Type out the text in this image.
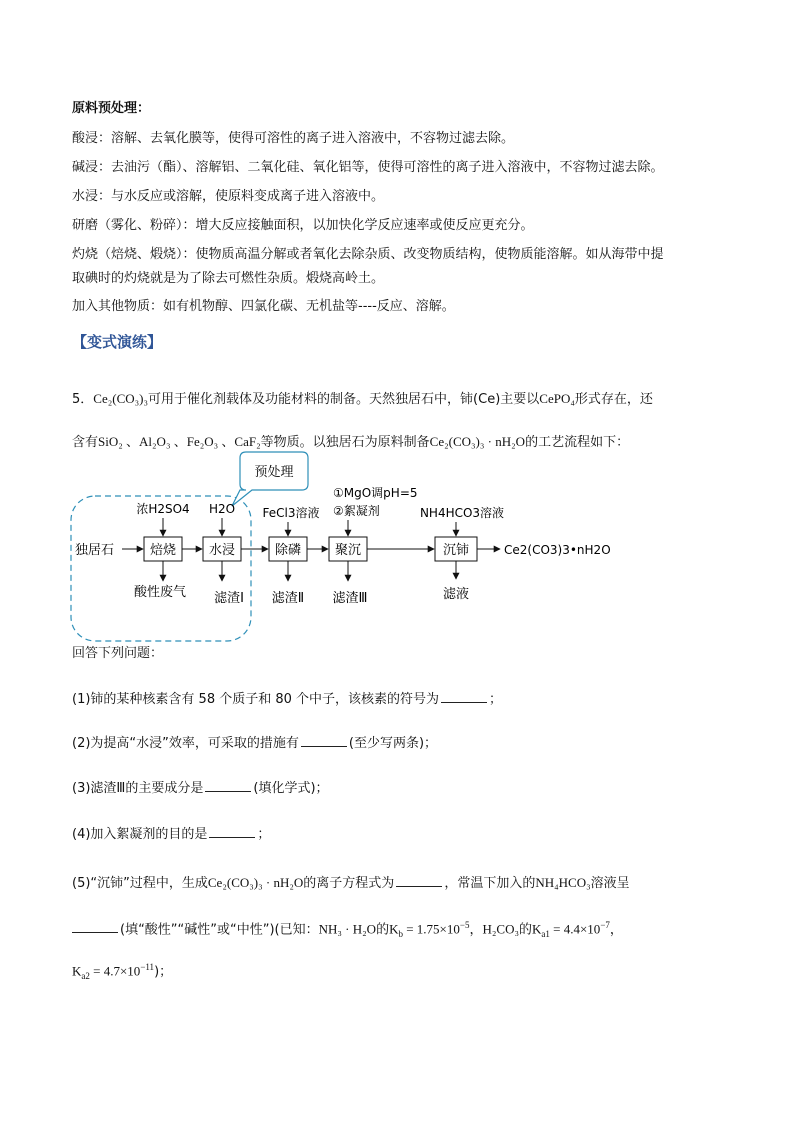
原料预处理：
酸浸：溶解、去氧化膜等，使得可溶性的离子进入溶液中，不容物过滤去除。
碱浸：去油污（酯）、溶解铝、二氧化硅、氧化铝等，使得可溶性的离子进入溶液中，不容物过滤去除。
水浸：与水反应或溶解，使原料变成离子进入溶液中。
研磨（雾化、粉碎）：增大反应接触面积，以加快化学反应速率或使反应更充分。
灼烧（焙烧、煅烧）：使物质高温分解或者氧化去除杂质、改变物质结构，使物质能溶解。如从海带中提
取碘时的灼烧就是为了除去可燃性杂质。煅烧高岭土。
加入其他物质：如有机物醇、四氯化碳、无机盐等----反应、溶解。
【变式演练】
5．Ce₂(CO₃)₃可用于催化剂载体及功能材料的制备。天然独居石中，铈(Ce)主要以CePO₄形式存在，还
含有SiO₂ 、Al₂O₃ 、Fe₂O₃ 、CaF₂等物质。以独居石为原料制备Ce₂(CO₃)₃ · nH₂O的工艺流程如下：
预处理
独居石	焙烧	水浸	除磷	聚沉	沉铈	Ce2(CO3)3•nH2O
浓H2SO4 H2O FeCl3溶液
①MgO调pH=5
②絮凝剂	NH4HCO3溶液
酸性废气 滤渣Ⅰ 滤渣Ⅱ 滤渣Ⅲ	滤液
回答下列问题：
(1)铈的某种核素含有 58 个质子和 80 个中子，该核素的符号为	；
(2)为提高“水浸”效率，可采取的措施有	(至少写两条)；
(3)滤渣Ⅲ的主要成分是	(填化学式)；
(4)加入絮凝剂的目的是	；
(5)“沉铈”过程中，生成Ce₂(CO₃)₃ · nH₂O的离子方程式为	，常温下加入的NH₄HCO₃溶液呈
(填“酸性”“碱性”或“中性”)(已知：NH₃ · H₂O的$K_b = 1.75\times 10^{-5}$，H₂CO₃的$K_{a1} = 4.4\times 10^{-7}$，
$K_{a2} = 4.7\times 10^{-11}$)；
